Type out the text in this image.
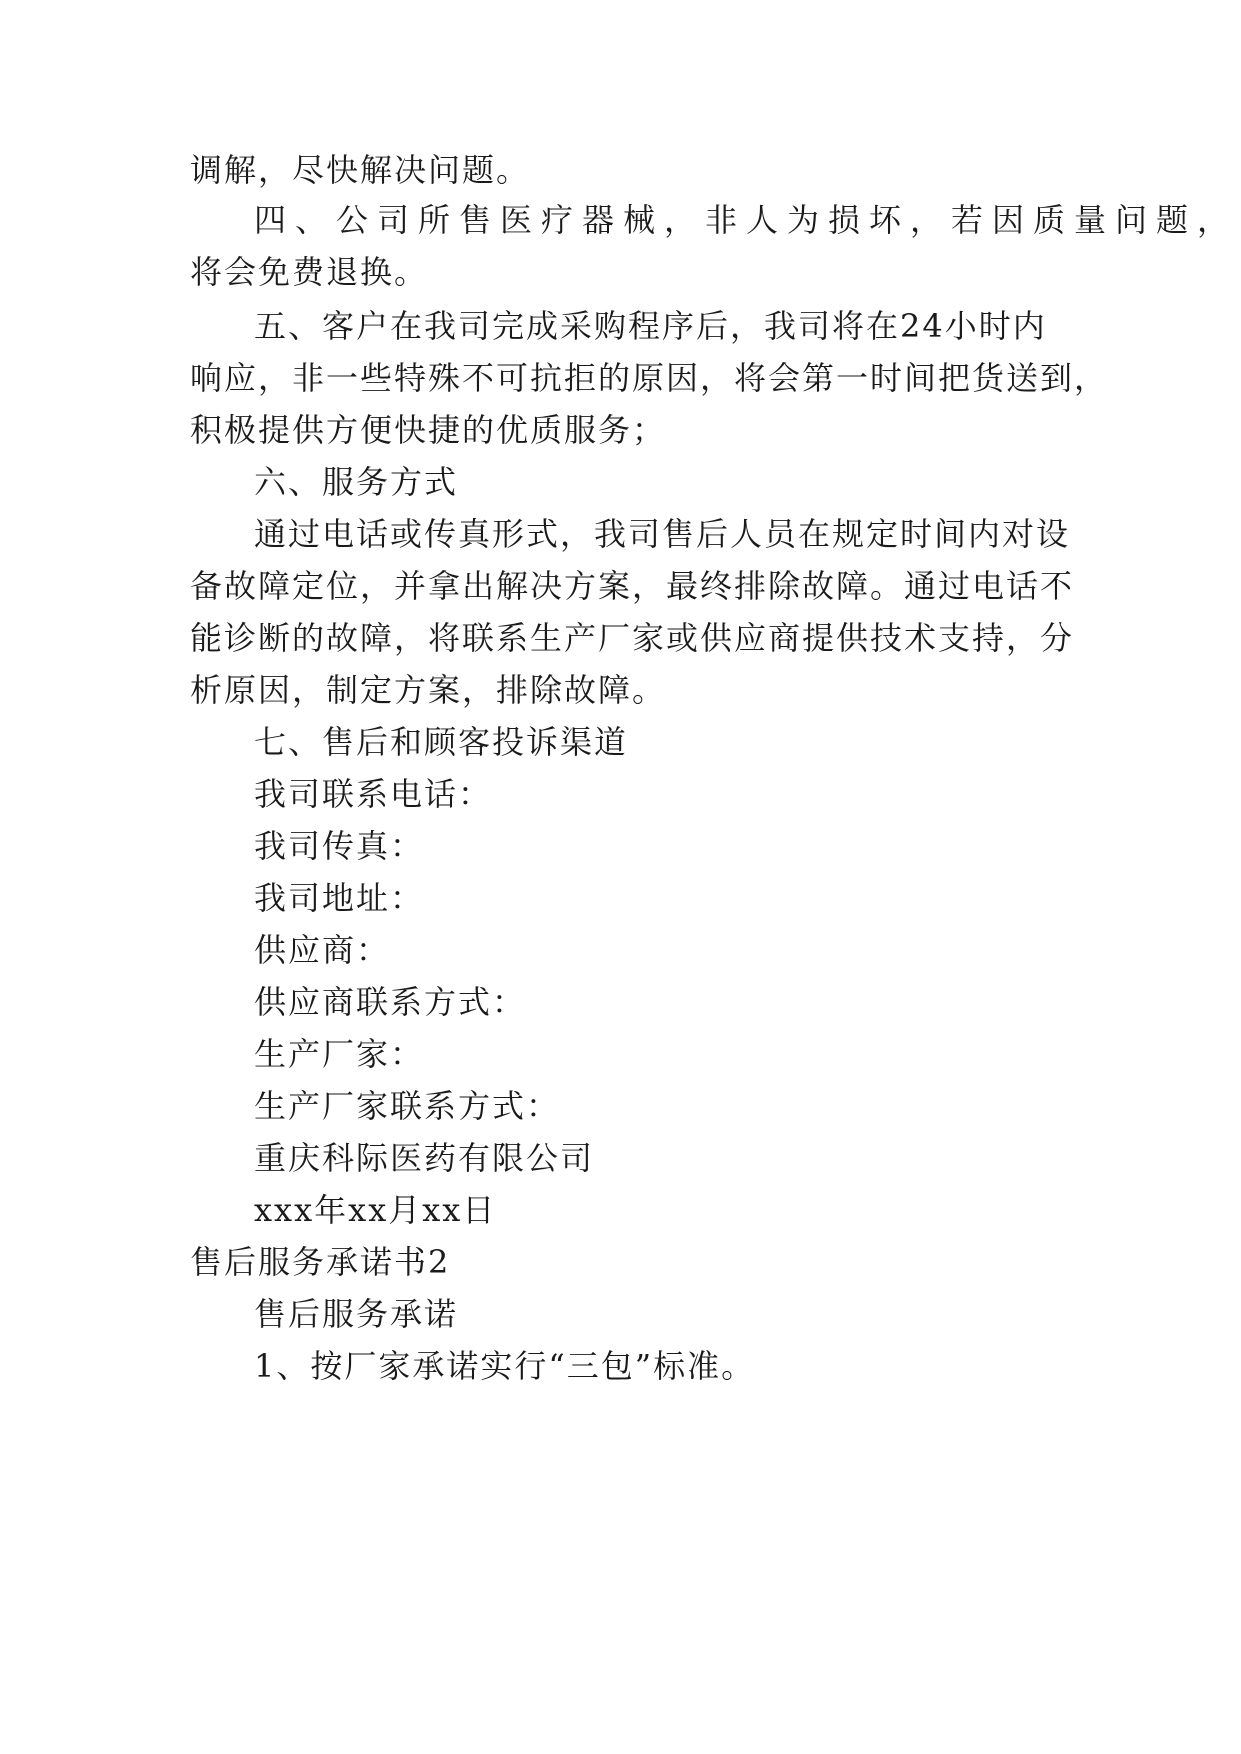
调解，尽快解决问题。
四、公司所售医疗器械，非人为损坏，若因质量问题，
将会免费退换。
五、客户在我司完成采购程序后，我司将在24小时内
响应，非一些特殊不可抗拒的原因，将会第一时间把货送到，
积极提供方便快捷的优质服务；
六、服务方式
通过电话或传真形式，我司售后人员在规定时间内对设
备故障定位，并拿出解决方案，最终排除故障。通过电话不
能诊断的故障，将联系生产厂家或供应商提供技术支持，分
析原因，制定方案，排除故障。
七、售后和顾客投诉渠道
我司联系电话：
我司传真：
我司地址：
供应商：
供应商联系方式：
生产厂家：
生产厂家联系方式：
重庆科际医药有限公司
xxx年xx月xx日
售后服务承诺书2
售后服务承诺
1、按厂家承诺实行“三包”标准。
